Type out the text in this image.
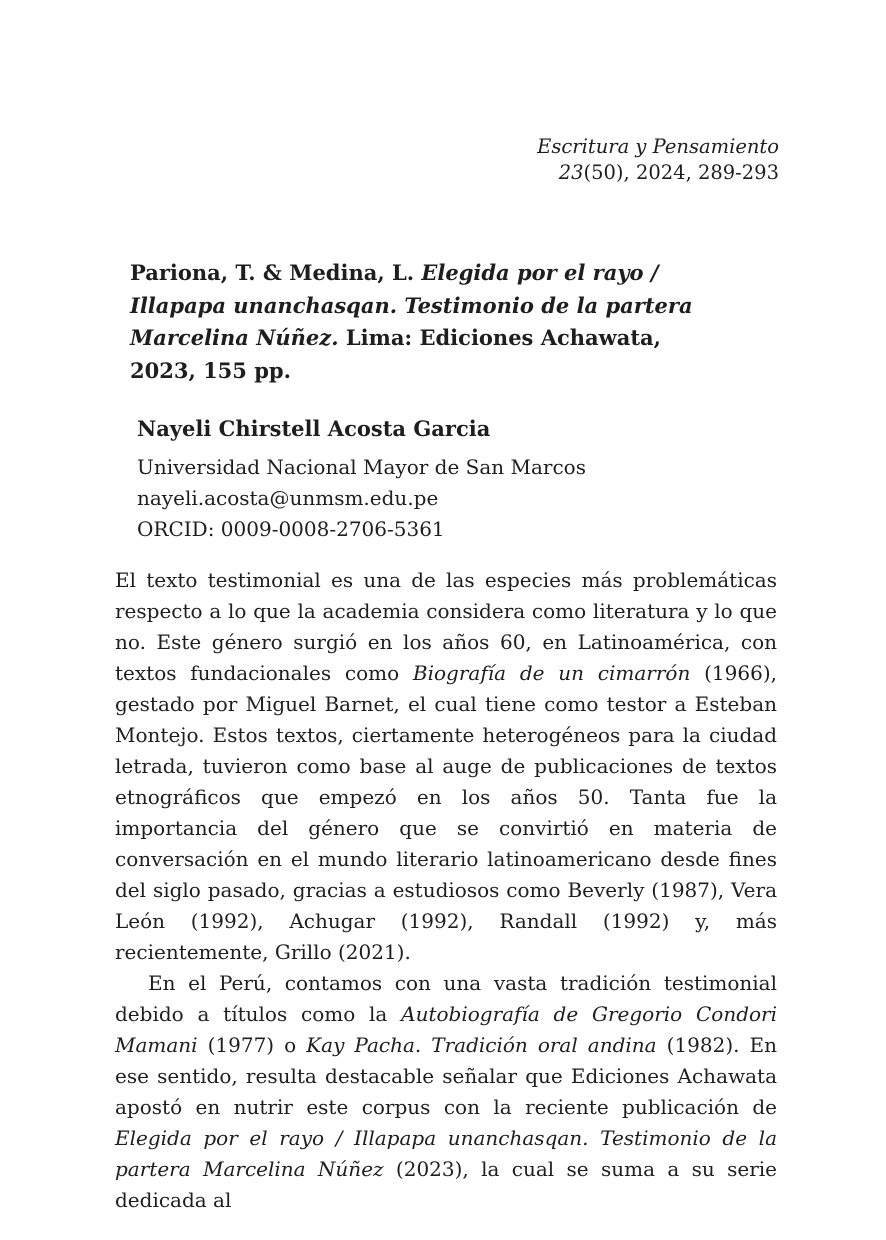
Escritura y Pensamiento
23(50), 2024, 289-293
Pariona, T. & Medina, L. Elegida por el rayo / Illapapa unanchasqan. Testimonio de la partera Marcelina Núñez. Lima: Ediciones Achawata, 2023, 155 pp.
Nayeli Chirstell Acosta Garcia
Universidad Nacional Mayor de San Marcos
nayeli.acosta@unmsm.edu.pe
ORCID: 0009-0008-2706-5361

El texto testimonial es una de las especies más problemáticas respecto a lo que la academia considera como literatura y lo que no. Este género surgió en los años 60, en Latinoamérica, con textos fundacionales como Biografía de un cimarrón (1966), gestado por Miguel Barnet, el cual tiene como testor a Esteban Montejo. Estos textos, ciertamente heterogéneos para la ciudad letrada, tuvieron como base al auge de publicaciones de textos etnográficos que empezó en los años 50. Tanta fue la importancia del género que se convirtió en materia de conversación en el mundo literario latinoamericano desde fines del siglo pasado, gracias a estudiosos como Beverly (1987), Vera León (1992), Achugar (1992), Randall (1992) y, más recientemente, Grillo (2021).

En el Perú, contamos con una vasta tradición testimonial debido a títulos como la Autobiografía de Gregorio Condori Mamani (1977) o Kay Pacha. Tradición oral andina (1982). En ese sentido, resulta destacable señalar que Ediciones Achawata apostó en nutrir este corpus con la reciente publicación de Elegida por el rayo / Illapapa unanchasqan. Testimonio de la partera Marcelina Núñez (2023), la cual se suma a su serie dedicada al
